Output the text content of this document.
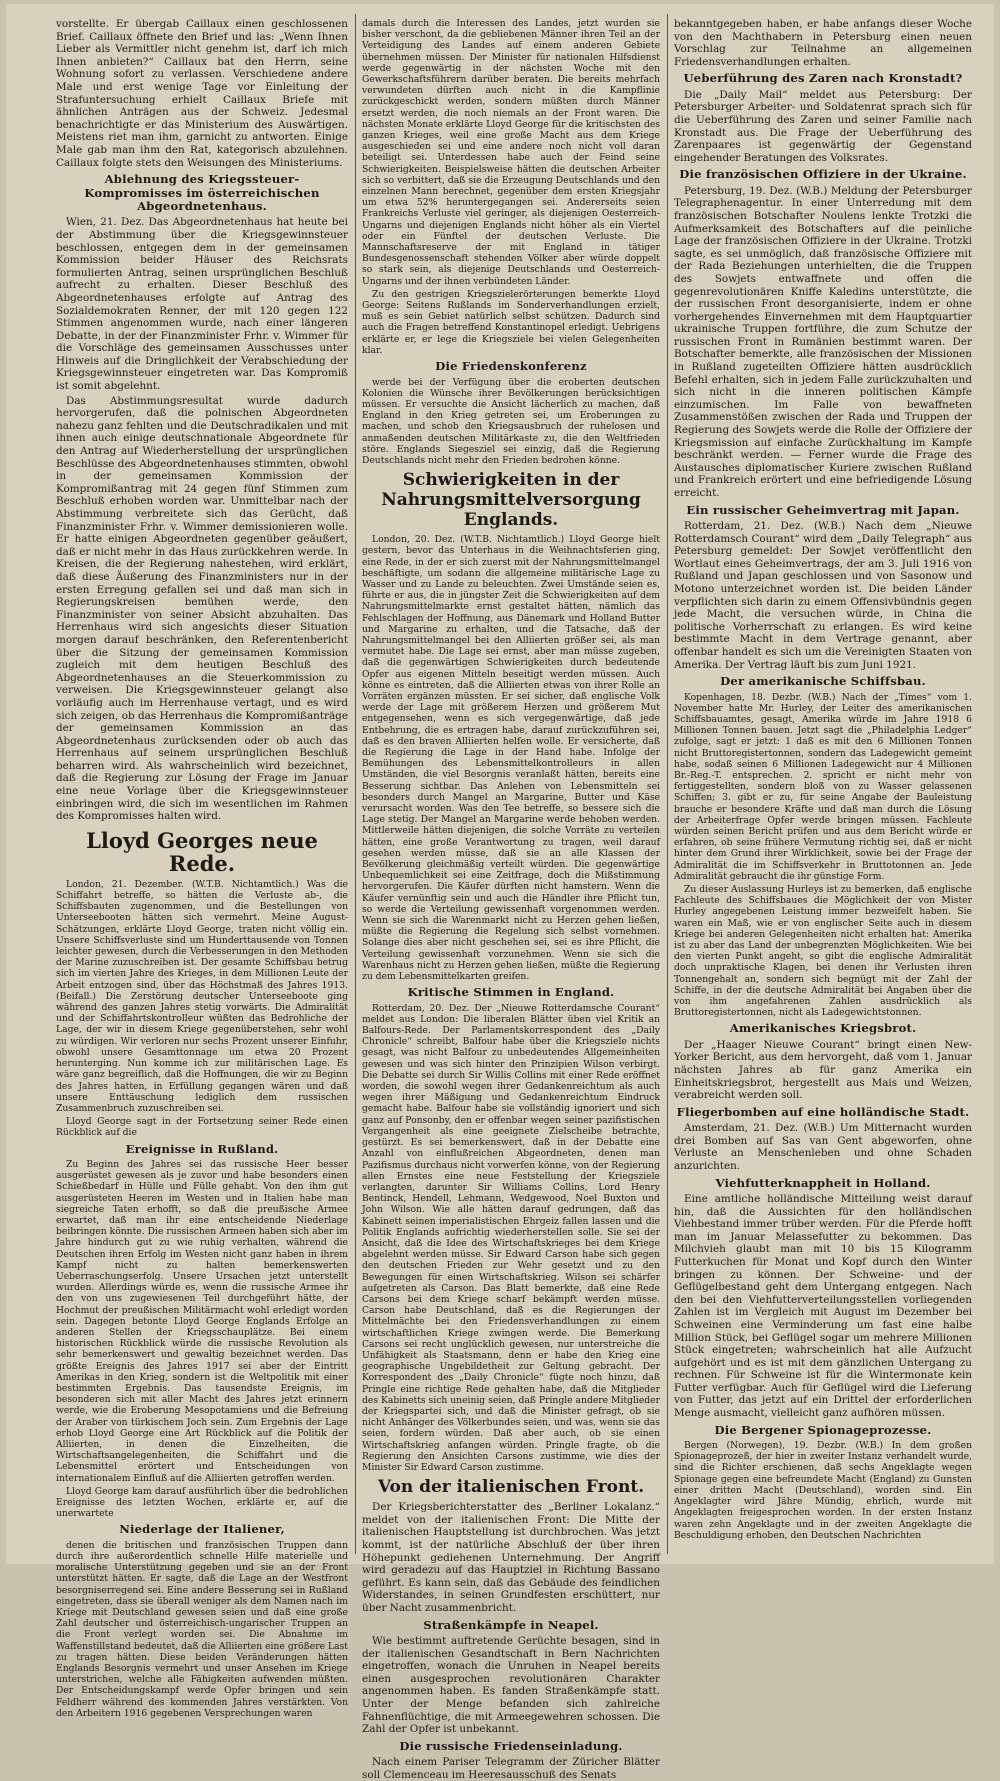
vorstellte. Er übergab Caillaux einen geschlossenen Brief. Caillaux öffnete den Brief und las: „Wenn Ihnen Lieber als Vermittler nicht genehm ist, darf ich mich Ihnen anbieten?“ Caillaux bat den Herrn, seine Wohnung sofort zu verlassen. Verschiedene andere Male und erst wenige Tage vor Einleitung der Strafuntersuchung erhielt Caillaux Briefe mit ähnlichen Anträgen aus der Schweiz. Jedesmal benachrichtigte er das Ministerium des Auswärtigen. Meistens riet man ihm, garnicht zu antworten. Einige Male gab man ihm den Rat, kategorisch abzulehnen. Caillaux folgte stets den Weisungen des Ministeriums.

Ablehnung des Kriegssteuer-Kompromisses im österreichischen Abgeordnetenhaus.

Wien, 21. Dez. Das Abgeordnetenhaus hat heute bei der Abstimmung über die Kriegsgewinnsteuer beschlossen, entgegen dem in der gemeinsamen Kommission beider Häuser des Reichsrats formulierten Antrag, seinen ursprünglichen Beschluß aufrecht zu erhalten. Dieser Beschluß des Abgeordnetenhauses erfolgte auf Antrag des Sozialdemokraten Renner, der mit 120 gegen 122 Stimmen angenommen wurde, nach einer längeren Debatte, in der der Finanzminister Frhr. v. Wimmer für die Vorschläge des gemeinsamen Ausschusses unter Hinweis auf die Dringlichkeit der Verabschiedung der Kriegsgewinnsteuer eingetreten war. Das Kompromiß ist somit abgelehnt.

Das Abstimmungsresultat wurde dadurch hervorgerufen, daß die polnischen Abgeordneten nahezu ganz fehlten und die Deutschradikalen und mit ihnen auch einige deutschnationale Abgeordnete für den Antrag auf Wiederherstellung der ursprünglichen Beschlüsse des Abgeordnetenhauses stimmten, obwohl in der gemeinsamen Kommission der Kompromißantrag mit 24 gegen fünf Stimmen zum Beschluß erhoben worden war. Unmittelbar nach der Abstimmung verbreitete sich das Gerücht, daß Finanzminister Frhr. v. Wimmer demissionieren wolle. Er hatte einigen Abgeordneten gegenüber geäußert, daß er nicht mehr in das Haus zurückkehren werde. In Kreisen, die der Regierung nahestehen, wird erklärt, daß diese Äußerung des Finanzministers nur in der ersten Erregung gefallen sei und daß man sich in Regierungskreisen bemühen werde, den Finanzminister von seiner Absicht abzuhalten. Das Herrenhaus wird sich angesichts dieser Situation morgen darauf beschränken, den Referentenbericht über die Sitzung der gemeinsamen Kommission zugleich mit dem heutigen Beschluß des Abgeordnetenhauses an die Steuerkommission zu verweisen. Die Kriegsgewinnsteuer gelangt also vorläufig auch im Herrenhause vertagt, und es wird sich zeigen, ob das Herrenhaus die Kompromißanträge der gemeinsamen Kommission an das Abgeordnetenhaus zurücksenden oder ob auch das Herrenhaus auf seinem ursprünglichen Beschluß beharren wird. Als wahrscheinlich wird bezeichnet, daß die Regierung zur Lösung der Frage im Januar eine neue Vorlage über die Kriegsgewinnsteuer einbringen wird, die sich im wesentlichen im Rahmen des Kompromisses halten wird.

Lloyd Georges neue Rede.

London, 21. Dezember. (W.T.B. Nichtamtlich.) Was die Schiffahrt betreffe, so hätten die Verluste ab-, die Schiffsbauten zugenommen, und die Bestellungen von Unterseebooten hätten sich vermehrt. Meine August-Schätzungen, erklärte Lloyd George, traten nicht völlig ein. Unsere Schiffsverluste sind um Hunderttausende von Tonnen leichter gewesen, durch die Verbesserungen in den Methoden der Marine zuzuschreiben ist. Der gesamte Schiffsbau betrug sich im vierten Jahre des Krieges, in dem Millionen Leute der Arbeit entzogen sind, über das Höchstmaß des Jahres 1913. (Beifall.) Die Zerstörung deutscher Unterseeboote ging während des ganzen Jahres stetig vorwärts. Die Admiralität und der Schiffahrtskontrolleur wüßten das Bedrohliche der Lage, der wir in diesem Kriege gegenüberstehen, sehr wohl zu würdigen. Wir verloren nur sechs Prozent unserer Einfuhr, obwohl unsere Gesamttonnage um etwa 20 Prozent herunterging. Nun komme ich zur militärischen Lage. Es wäre ganz begreiflich, daß die Hoffnungen, die wir zu Beginn des Jahres hatten, in Erfüllung gegangen wären und daß unsere Enttäuschung lediglich dem russischen Zusammenbruch zuzuschreiben sei.

Lloyd George sagt in der Fortsetzung seiner Rede einen Rückblick auf die

Ereignisse in Rußland.

Zu Beginn des Jahres sei das russische Heer besser ausgerüstet gewesen als je zuvor und habe besonders einen Schießbedarf in Hülle und Fülle gehabt. Von den ihm gut ausgerüsteten Heeren im Westen und in Italien habe man siegreiche Taten erhofft, so daß die preußische Armee erwartet, daß man ihr eine entscheidende Niederlage beibringen könnte. Die russischen Armeen haben sich aber im Jahre hindurch gut zu wie ruhig verhalten, während die Deutschen ihren Erfolg im Westen nicht ganz haben in ihrem Kampf nicht zu halten bemerkenswerten Ueberraschungserfolg. Unsere Ursachen jetzt unterstellt wurden. Allerdings würde es, wenn die russische Armee ihr den von uns zugewiesenen Teil durchgeführt hätte, der Hochmut der preußischen Militärmacht wohl erledigt worden sein. Dagegen betonte Lloyd George Englands Erfolge an anderen Stellen der Kriegsschauplätze. Bei einem historischen Rückblick würde die russische Revolution als sehr bemerkenswert und gewaltig bezeichnet werden. Das größte Ereignis des Jahres 1917 sei aber der Eintritt Amerikas in den Krieg, sondern ist die Weltpolitik mit einer bestimmten Ergebnis. Das tausendste Ereignis, im besonderen sich mit aller Macht des Jahres jetzt erinnern werde, wie die Eroberung Mesopotamiens und die Befreiung der Araber von türkischem Joch sein. Zum Ergebnis der Lage erhob Lloyd George eine Art Rückblick auf die Politik der Alliierten, in denen die Einzelheiten, die Wirtschaftsangelegenheiten, die Schiffahrt und die Lebensmittel erörtert und Entscheidungen von internationalem Einfluß auf die Alliierten getroffen werden.

Lloyd George kam darauf ausführlich über die bedrohlichen Ereignisse des letzten Wochen, erklärte er, auf die unerwartete

Niederlage der Italiener,

denen die britischen und französischen Truppen dann durch ihre außerordentlich schnelle Hilfe materielle und moralische Unterstützung gegeben und sie an der Front unterstützt hätten. Er sagte, daß die Lage an der Westfront besorgniserregend sei. Eine andere Besserung sei in Rußland eingetreten, dass sie überall weniger als dem Namen nach im Kriege mit Deutschland gewesen seien und daß eine große Zahl deutscher und österreichisch-ungarischer Truppen an die Front verlegt worden sei. Die Abnahme im Waffenstillstand bedeutet, daß die Alliierten eine größere Last zu tragen hätten. Diese beiden Veränderungen hätten Englands Besorgnis vermehrt und unser Ansehen im Kriege unterstrichen, welche alle Fähigkeiten aufwenden müßten. Der Entscheidungskampf werde Opfer bringen und sein Feldherr während des kommenden Jahres verstärkten. Von den Arbeitern 1916 gegebenen Versprechungen waren

damals durch die Interessen des Landes, jetzt wurden sie bisher verschont, da die gebliebenen Männer ihren Teil an der Verteidigung des Landes auf einem anderen Gebiete übernehmen müssen. Der Minister für nationalen Hilfsdienst werde gegenwärtig in der nächsten Woche mit den Gewerkschaftsführern darüber beraten. Die bereits mehrfach verwundeten dürften auch nicht in die Kampflinie zurückgeschickt werden, sondern müßten durch Männer ersetzt werden, die noch niemals an der Front waren. Die nächsten Monate erklärte Lloyd George für die kritischsten des ganzen Krieges, weil eine große Macht aus dem Kriege ausgeschieden sei und eine andere noch nicht voll daran beteiligt sei. Unterdessen habe auch der Feind seine Schwierigkeiten. Beispielsweise hätten die deutschen Arbeiter sich so verbittert, daß sie die Erzeugung Deutschlands und den einzelnen Mann berechnet, gegenüber dem ersten Kriegsjahr um etwa 52% heruntergegangen sei. Andererseits seien Frankreichs Verluste viel geringer, als diejenigen Oesterreich-Ungarns und diejenigen Englands nicht höher als ein Viertel oder ein Fünftel der deutschen Verluste. Die Mannschaftsreserve der mit England in tätiger Bundesgenossenschaft stehenden Völker aber würde doppelt so stark sein, als diejenige Deutschlands und Oesterreich-Ungarns und der ihnen verbündeten Länder.

Zu den gestrigen Kriegszielerörterungen bemerkte Lloyd George: Seitens Rußlands im Sonderverhandlungen erzielt, muß es sein Gebiet natürlich selbst schützen. Dadurch sind auch die Fragen betreffend Konstantinopel erledigt. Uebrigens erklärte er, er lege die Kriegsziele bei vielen Gelegenheiten klar.

Die Friedenskonferenz

werde bei der Verfügung über die eroberten deutschen Kolonien die Wünsche ihrer Bevölkerungen berücksichtigen müssen. Er versuchte die Ansicht lächerlich zu machen, daß England in den Krieg getreten sei, um Eroberungen zu machen, und schob den Kriegsausbruch der ruhelosen und anmaßenden deutschen Militärkaste zu, die den Weltfrieden störe. Englands Siegesziel sei einzig, daß die Regierung Deutschlands nicht mehr den Frieden bedrohen könne.

Schwierigkeiten in der Nahrungsmittelversorgung Englands.

London, 20. Dez. (W.T.B. Nichtamtlich.) Lloyd George hielt gestern, bevor das Unterhaus in die Weihnachtsferien ging, eine Rede, in der er sich zuerst mit der Nahrungsmittelmangel beschäftigte, um sodann die allgemeine militärische Lage zu Wasser und zu Lande zu beleuchten. Zwei Umstände seien es, führte er aus, die in jüngster Zeit die Schwierigkeiten auf dem Nahrungsmittelmarkte ernst gestaltet hätten, nämlich das Fehlschlagen der Hoffnung, aus Dänemark und Holland Butter und Margarine zu erhalten, und die Tatsache, daß der Nahrungsmittelmangel bei den Alliierten größer sei, als man vermutet habe. Die Lage sei ernst, aber man müsse zugeben, daß die gegenwärtigen Schwierigkeiten durch bedeutende Opfer aus eigenen Mitteln beseitigt werden müssen. Auch könne es eintreten, daß die Alliierten etwas von ihrer Rolle an Vorräten ergänzen müssten. Er sei sicher, daß englische Volk werde der Lage mit größerem Herzen und größerem Mut entgegensehen, wenn es sich vergegenwärtige, daß jede Entbehrung, die es ertragen habe, darauf zurückzuführen sei, daß es den braven Alliierten helfen wolle. Er versicherte, daß die Regierung die Lage in der Hand habe. Infolge der Bemühungen des Lebensmittelkontrolleurs in allen Umständen, die viel Besorgnis veranlaßt hätten, bereits eine Besserung sichtbar. Das Anlehen von Lebensmitteln sei besonders durch Mangel an Margarine, Butter und Käse verursacht worden. Was den Tee betreffe, so bessere sich die Lage stetig. Der Mangel an Margarine werde behoben werden. Mittlerweile hätten diejenigen, die solche Vorräte zu verteilen hätten, eine große Verantwortung zu tragen, weil darauf gesehen werden müsse, daß sie an alle Klassen der Bevölkerung gleichmäßig verteilt würden. Die gegenwärtige Unbequemlichkeit sei eine Zeitfrage, doch die Mißstimmung hervorgerufen. Die Käufer dürften nicht hamstern. Wenn die Käufer vernünftig sein und auch die Händler ihre Pflicht tun, so werde die Verteilung gewissenhaft vorgenommen werden. Wenn sie sich die Warenmarkt nicht zu Herzen gehen ließen, müßte die Regierung die Regelung sich selbst vornehmen. Solange dies aber nicht geschehen sei, sei es ihre Pflicht, die Verteilung gewissenhaft vorzunehmen. Wenn sie sich die Warenhaus nicht zu Herzen gehen ließen, müßte die Regierung zu dem Lebensmittelkarten greifen.

Kritische Stimmen in England.

Rotterdam, 20. Dez. Der „Nieuwe Rotterdamsche Courant“ meldet aus London: Die liberalen Blätter üben viel Kritik an Balfours-Rede. Der Parlamentskorrespondent des „Daily Chronicle“ schreibt, Balfour habe über die Kriegsziele nichts gesagt, was nicht Balfour zu unbedeutendes Allgemeinheiten gewesen und was sich hinter den Prinzipien Wilson verbirgt. Die Debatte sei durch Sir Willis Collins mit einer Rede eröffnet worden, die sowohl wegen ihrer Gedankenreichtum als auch wegen ihrer Mäßigung und Gedankenreichtum Eindruck gemacht habe. Balfour habe sie vollständig ignoriert und sich ganz auf Ponsonby, den er offenbar wegen seiner pazifistischen Vergangenheit als eine geeignete Zielscheibe betrachte, gestürzt. Es sei bemerkenswert, daß in der Debatte eine Anzahl von einflußreichen Abgeordneten, denen man Pazifismus durchaus nicht vorwerfen könne, von der Regierung allen Ernstes eine neue Feststellung der Kriegsziele verlangten, darunter Sir Williams Collins, Lord Henry Bentinck, Hendell, Lehmann, Wedgewood, Noel Buxton und John Wilson. Wie alle hätten darauf gedrungen, daß das Kabinett seinen imperialistischen Ehrgeiz fallen lassen und die Politik Englands aufrichtig wiederherstellen solle. Sie sei der Ansicht, daß die Idee des Wirtschaftskrieges bei dem Kriege abgelehnt werden müsse. Sir Edward Carson habe sich gegen den deutschen Frieden zur Wehr gesetzt und zu den Bewegungen für einen Wirtschaftskrieg. Wilson sei schärfer aufgetreten als Carson. Das Blatt bemerkte, daß eine Rede Carsons bei dem Kriege scharf bekämpft werden müsse. Carson habe Deutschland, daß es die Regierungen der Mittelmächte bei den Friedensverhandlungen zu einem wirtschaftlichen Kriege zwingen werde. Die Bemerkung Carsons sei recht unglücklich gewesen, nur unterstreiche die Unfähigkeit als Staatsmann, denn er habe den Krieg eine geographische Ungebildetheit zur Geltung gebracht. Der Korrespondent des „Daily Chronicle“ fügte noch hinzu, daß Pringle eine richtige Rede gehalten habe, daß die Mitglieder des Kabinetts sich uneinig seien, daß Pringle andere Mitglieder der Kriegspartei sich, und daß die Minister gefragt, ob sie nicht Anhänger des Völkerbundes seien, und was, wenn sie das seien, fordern würden. Daß aber auch, ob sie einen Wirtschaftskrieg anfangen würden. Pringle fragte, ob die Regierung den Ansichten Carsons zustimme, wie dies der Minister Sir Edward Carson zustimme.

Von der italienischen Front.

Der Kriegsberichterstatter des „Berliner Lokalanz.“ meldet von der italienischen Front: Die Mitte der italienischen Hauptstellung ist durchbrochen. Was jetzt kommt, ist der natürliche Abschluß der über ihren Höhepunkt gediehenen Unternehmung. Der Angriff wird geradezu auf das Hauptziel in Richtung Bassano geführt. Es kann sein, daß das Gebäude des feindlichen Widerstandes, in seinen Grundfesten erschüttert, nur über Nacht zusammenbricht.

Straßenkämpfe in Neapel.

Wie bestimmt auftretende Gerüchte besagen, sind in der italienischen Gesandtschaft in Bern Nachrichten eingetroffen, wonach die Unruhen in Neapel bereits einen ausgesprochen revolutionären Charakter angenommen haben. Es fanden Straßenkämpfe statt. Unter der Menge befanden sich zahlreiche Fahnenflüchtige, die mit Armeegewehren schossen. Die Zahl der Opfer ist unbekannt.

Die russische Friedenseinladung.

Nach einem Pariser Telegramm der Züricher Blätter soll Clemenceau im Heeresausschuß des Senats

bekanntgegeben haben, er habe anfangs dieser Woche von den Machthabern in Petersburg einen neuen Vorschlag zur Teilnahme an allgemeinen Friedensverhandlungen erhalten.

Ueberführung des Zaren nach Kronstadt?

Die „Daily Mail“ meldet aus Petersburg: Der Petersburger Arbeiter- und Soldatenrat sprach sich für die Ueberführung des Zaren und seiner Familie nach Kronstadt aus. Die Frage der Ueberführung des Zarenpaares ist gegenwärtig der Gegenstand eingehender Beratungen des Volksrates.

Die französischen Offiziere in der Ukraine.

Petersburg, 19. Dez. (W.B.) Meldung der Petersburger Telegraphenagentur. In einer Unterredung mit dem französischen Botschafter Noulens lenkte Trotzki die Aufmerksamkeit des Botschafters auf die peinliche Lage der französischen Offiziere in der Ukraine. Trotzki sagte, es sei unmöglich, daß französische Offiziere mit der Rada Beziehungen unterhielten, die die Truppen des Sowjets entwaffnete und offen die gegenrevolutionären Kniffe Kaledins unterstützte, die der russischen Front desorganisierte, indem er ohne vorhergehendes Einvernehmen mit dem Hauptquartier ukrainische Truppen fortführe, die zum Schutze der russischen Front in Rumänien bestimmt waren. Der Botschafter bemerkte, alle französischen der Missionen in Rußland zugeteilten Offiziere hätten ausdrücklich Befehl erhalten, sich in jedem Falle zurückzuhalten und sich nicht in die inneren politischen Kämpfe einzumischen. Im Falle von bewaffneten Zusammenstößen zwischen der Rada und Truppen der Regierung des Sowjets werde die Rolle der Offiziere der Kriegsmission auf einfache Zurückhaltung im Kampfe beschränkt werden. — Ferner wurde die Frage des Austausches diplomatischer Kuriere zwischen Rußland und Frankreich erörtert und eine befriedigende Lösung erreicht.

Ein russischer Geheimvertrag mit Japan.

Rotterdam, 21. Dez. (W.B.) Nach dem „Nieuwe Rotterdamsch Courant“ wird dem „Daily Telegraph“ aus Petersburg gemeldet: Der Sowjet veröffentlicht den Wortlaut eines Geheimvertrags, der am 3. Juli 1916 von Rußland und Japan geschlossen und von Sasonow und Motono unterzeichnet worden ist. Die beiden Länder verpflichten sich darin zu einem Offensivbündnis gegen jede Macht, die versuchen würde, in China die politische Vorherrschaft zu erlangen. Es wird keine bestimmte Macht in dem Vertrage genannt, aber offenbar handelt es sich um die Vereinigten Staaten von Amerika. Der Vertrag läuft bis zum Juni 1921.

Der amerikanische Schiffsbau.

Kopenhagen, 18. Dezbr. (W.B.) Nach der „Times“ vom 1. November hatte Mr. Hurley, der Leiter des amerikanischen Schiffsbauamtes, gesagt, Amerika würde im Jahre 1918 6 Millionen Tonnen bauen. Jetzt sagt die „Philadelphia Ledger“ zufolge, sagt er jetzt: 1 daß es mit den 6 Millionen Tonnen nicht Bruttoregistertonnen, sondern das Ladegewicht gemeint habe, sodaß seinen 6 Millionen Ladegewicht nur 4 Millionen Br.-Reg.-T. entsprechen. 2. spricht er nicht mehr von fertiggestellten, sondern bloß von zu Wasser gelassenen Schiffen; 3. gibt er zu, für seine Angabe der Bauleistung brauche er besondere Kräfte und daß man durch die Lösung der Arbeiterfrage Opfer werde bringen müssen. Fachleute würden seinen Bericht prüfen und aus dem Bericht würde er erfahren, ob seine frühere Vermutung richtig sei, daß er nicht hinter dem Grund ihrer Wirklichkeit, sowie bei der Frage der Admiralität die im Schiffsverkehr in Bruttotonnen an. Jede Admiralität gebraucht die ihr günstige Form.

Zu dieser Auslassung Hurleys ist zu bemerken, daß englische Fachleute des Schiffsbaues die Möglichkeit der von Mister Hurley angegebenen Leistung immer bezweifelt haben. Sie waren ein Maß, wie er von englischer Seite auch in diesem Kriege bei anderen Gelegenheiten nicht erhalten hat: Amerika ist zu aber das Land der unbegrenzten Möglichkeiten. Wie bei den vierten Punkt angeht, so gibt die englische Admiralität doch unpraktische Klagen, bei denen ihr Verlusten ihren Tonnengehalt an, sondern sich begnügt mit der Zahl der Schiffe, in der die deutsche Admiralität bei Angaben über die von ihm angefahrenen Zahlen ausdrücklich als Bruttoregistertonnen, nicht als Ladegewichtstonnen.

Amerikanisches Kriegsbrot.

Der „Haager Nieuwe Courant“ bringt einen New-Yorker Bericht, aus dem hervorgeht, daß vom 1. Januar nächsten Jahres ab für ganz Amerika ein Einheitskriegsbrot, hergestellt aus Mais und Weizen, verabreicht werden soll.

Fliegerbomben auf eine holländische Stadt.

Amsterdam, 21. Dez. (W.B.) Um Mitternacht wurden drei Bomben auf Sas van Gent abgeworfen, ohne Verluste an Menschenleben und ohne Schaden anzurichten.

Viehfutterknappheit in Holland.

Eine amtliche holländische Mitteilung weist darauf hin, daß die Aussichten für den holländischen Viehbestand immer trüber werden. Für die Pferde hofft man im Januar Melassefutter zu bekommen. Das Milchvieh glaubt man mit 10 bis 15 Kilogramm Futterkuchen für Monat und Kopf durch den Winter bringen zu können. Der Schweine- und der Geflügelbestand geht dem Untergang entgegen. Nach den bei den Viehfutterverteilungsstellen vorliegenden Zahlen ist im Vergleich mit August im Dezember bei Schweinen eine Verminderung um fast eine halbe Million Stück, bei Geflügel sogar um mehrere Millionen Stück eingetreten; wahrscheinlich hat alle Aufzucht aufgehört und es ist mit dem gänzlichen Untergang zu rechnen. Für Schweine ist für die Wintermonate kein Futter verfügbar. Auch für Geflügel wird die Lieferung von Futter, das jetzt auf ein Drittel der erforderlichen Menge ausmacht, vielleicht ganz aufhören müssen.

Die Bergener Spionageprozesse.

Bergen (Norwegen), 19. Dezbr. (W.B.) In dem großen Spionageprozeß, der hier in zweiter Instanz verhandelt wurde, sind die Richter erschienen, daß sechs Angeklagte wegen Spionage gegen eine befreundete Macht (England) zu Gunsten einer dritten Macht (Deutschland), worden sind. Ein Angeklagter wird Jähre Mündig, ehrlich, wurde mit Angeklagten freigesprochen worden. In der ersten Instanz waren zehn Angeklagte und in der zweiten Angeklagte die Beschuldigung erhoben, den Deutschen Nachrichten
